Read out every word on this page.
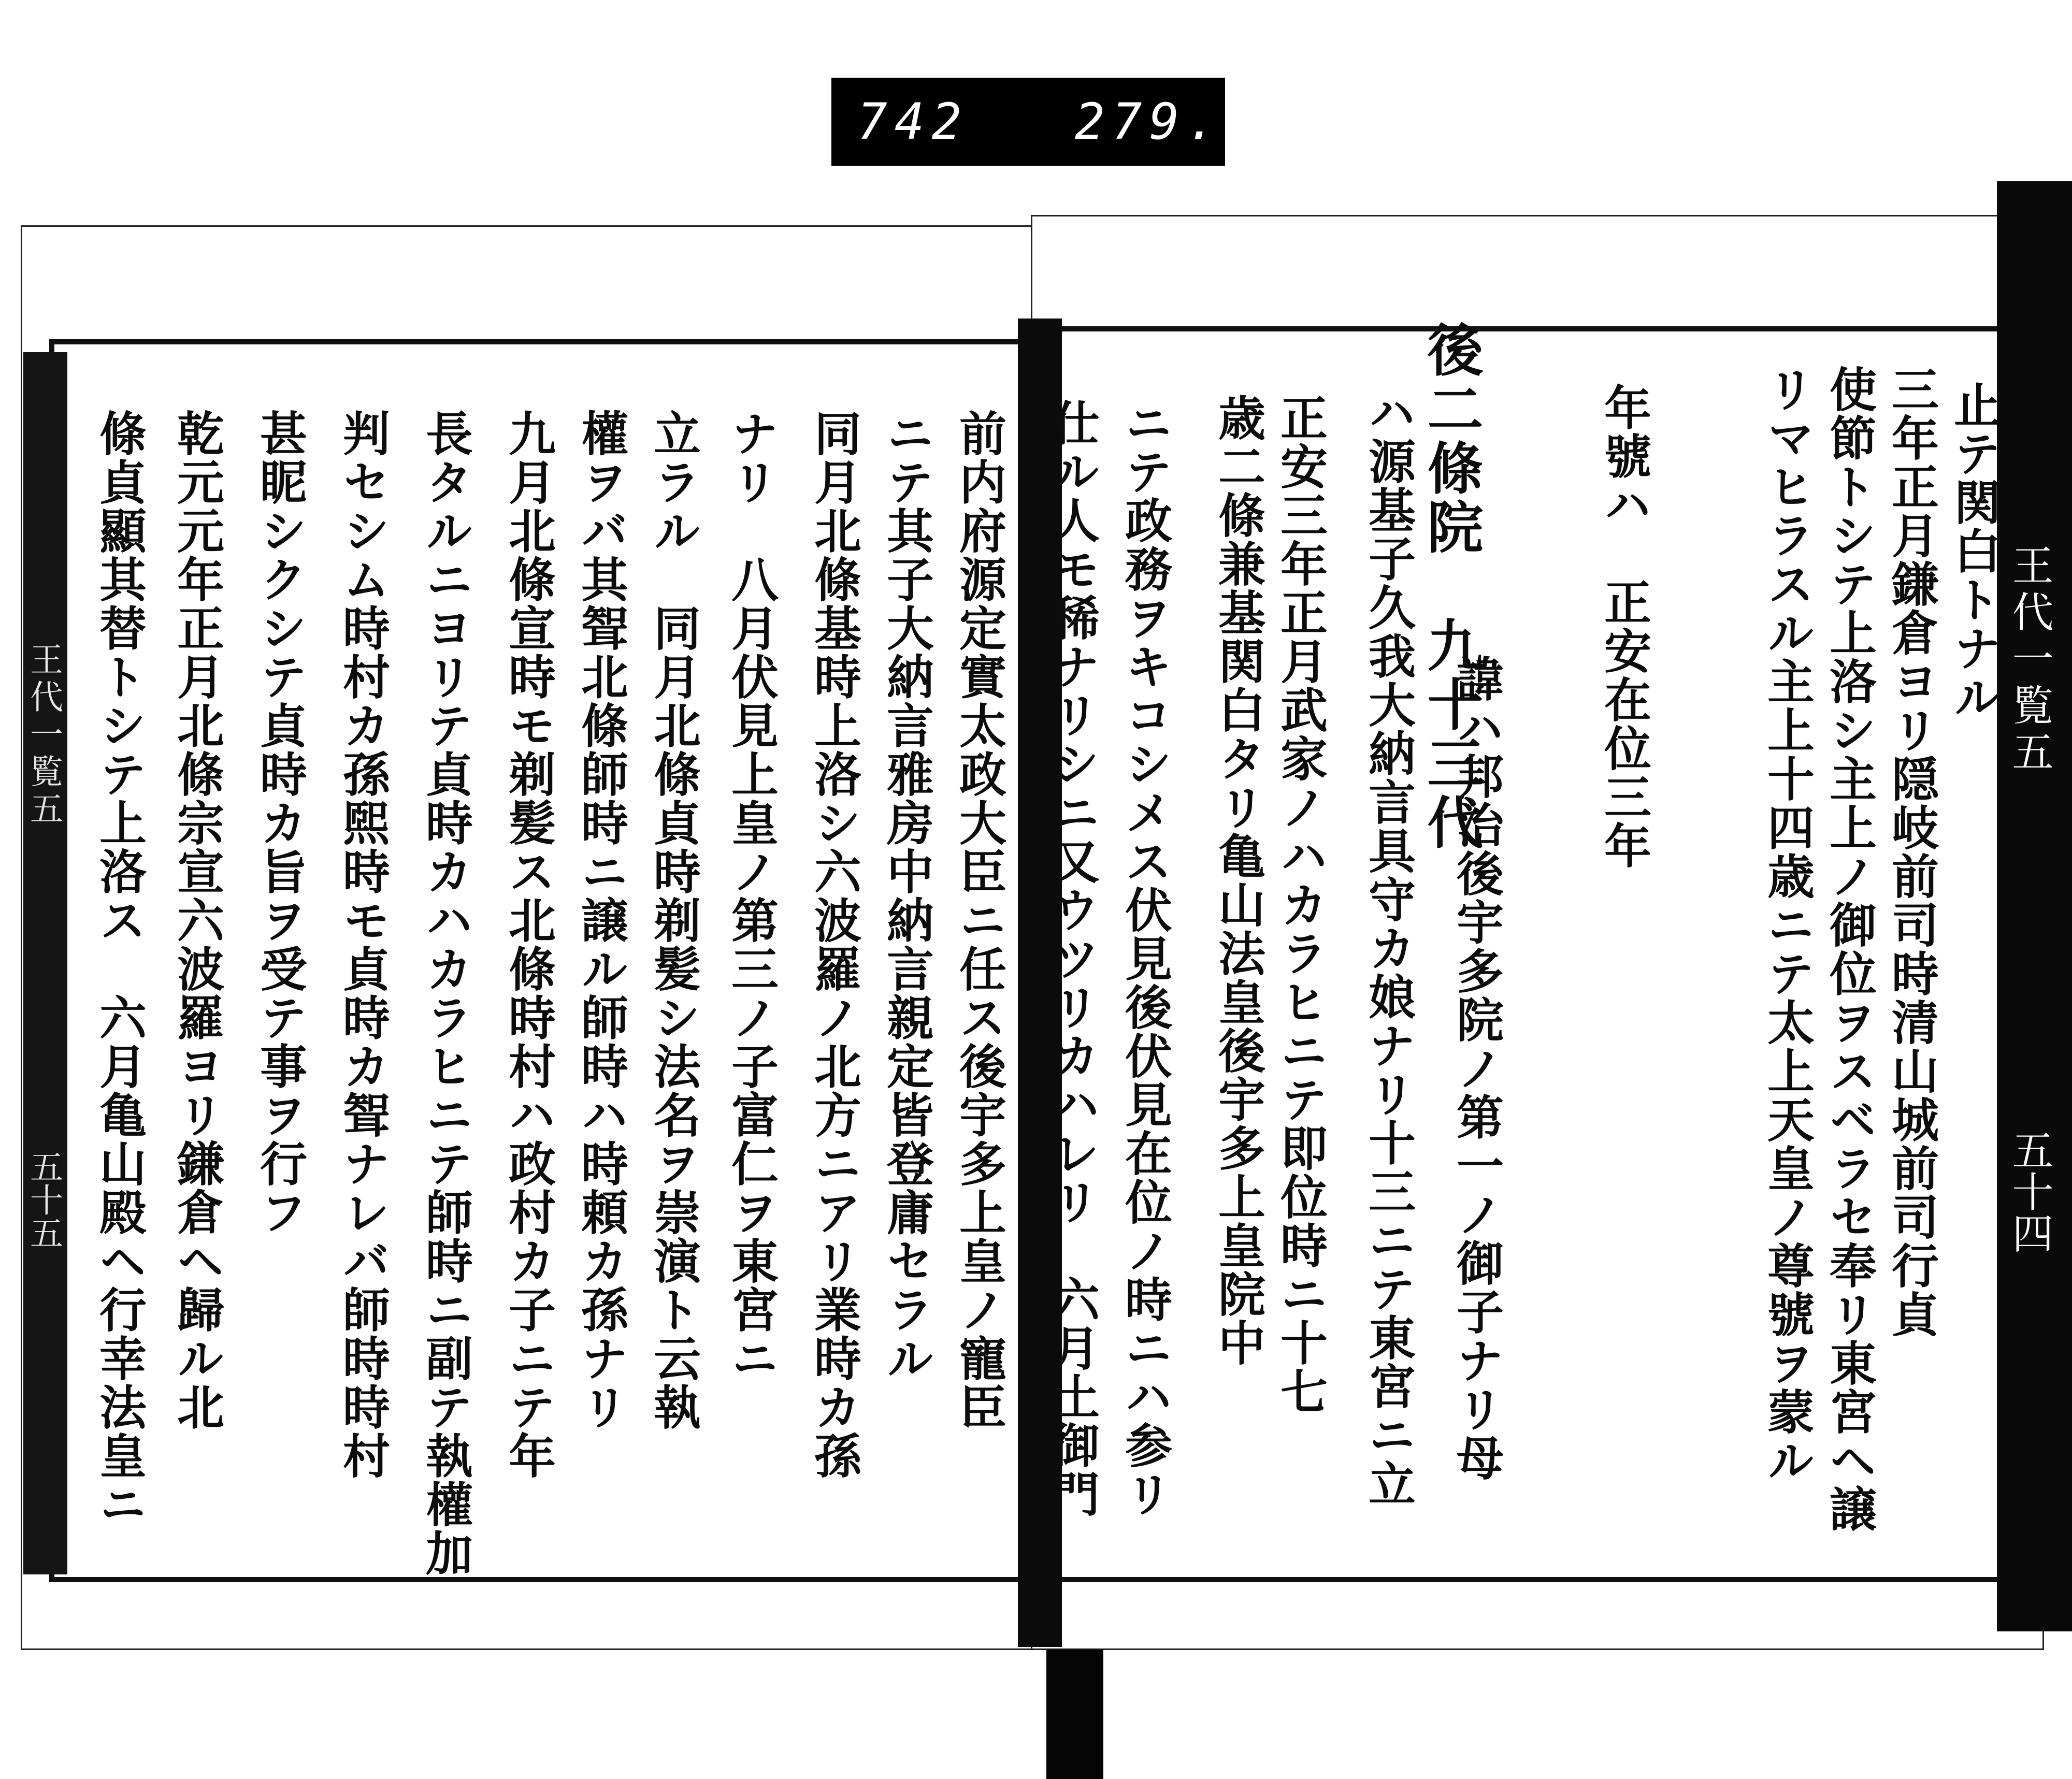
742 279.
王代一覧五
五十五
王代一覧五
五十四
止テ関白トナル
三年正月鎌倉ヨリ隠岐前司時清山城前司行貞
使節トシテ上洛シ主上ノ御位ヲスベラセ奉リ東宮ヘ譲
リマヒラスル主上十四歳ニテ太上天皇ノ尊號ヲ蒙ル
年號ハ　正安在位三年
後二條院　九十三代
　諱ハ邦治後宇多院ノ第一ノ御子ナリ母
ハ源基子久我大納言具守カ娘ナリ十三ニテ東宮ニ立
正安三年正月武家ノハカラヒニテ即位時ニ十七
歳二條兼基関白タリ亀山法皇後宇多上皇院中
ニテ政務ヲキコシメス伏見後伏見在位ノ時ニハ参リ
仕ル人モ稀ナリシニ又ウツリカハレリ　六月土御門
前内府源定實太政大臣ニ任ス後宇多上皇ノ寵臣
ニテ其子大納言雅房中納言親定皆登庸セラル
同月北條基時上洛シ六波羅ノ北方ニアリ業時カ孫
ナリ　八月伏見上皇ノ第三ノ子富仁ヲ東宮ニ
立ラル　同月北條貞時剃髪シ法名ヲ崇演ト云執
權ヲバ其聟北條師時ニ譲ル師時ハ時頼カ孫ナリ
九月北條宣時モ剃髪ス北條時村ハ政村カ子ニテ年
長タルニヨリテ貞時カハカラヒニテ師時ニ副テ執權加
判セシム時村カ孫煕時モ貞時カ聟ナレバ師時時村
甚眤シクシテ貞時カ旨ヲ受テ事ヲ行フ
乾元元年正月北條宗宣六波羅ヨリ鎌倉ヘ歸ル北
條貞顯其替トシテ上洛ス　六月亀山殿ヘ行幸法皇ニ
